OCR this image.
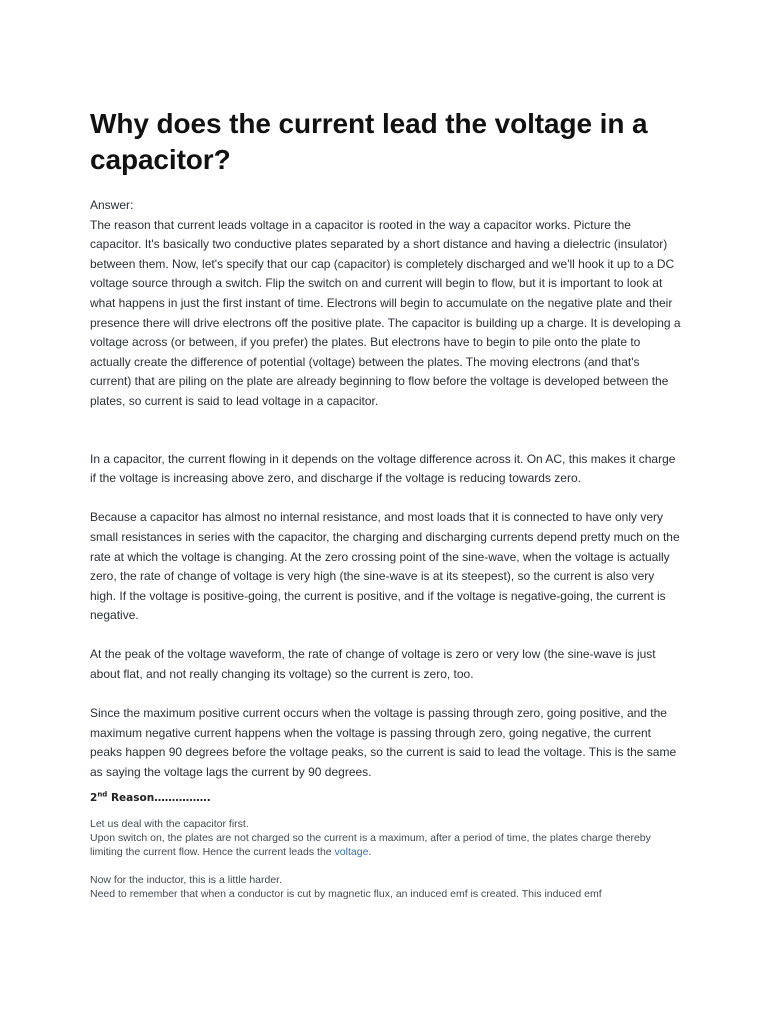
Why does the current lead the voltage in a capacitor?
Answer:

The reason that current leads voltage in a capacitor is rooted in the way a capacitor works. Picture the capacitor. It's basically two conductive plates separated by a short distance and having a dielectric (insulator) between them. Now, let's specify that our cap (capacitor) is completely discharged and we'll hook it up to a DC voltage source through a switch. Flip the switch on and current will begin to flow, but it is important to look at what happens in just the first instant of time. Electrons will begin to accumulate on the negative plate and their presence there will drive electrons off the positive plate. The capacitor is building up a charge. It is developing a voltage across (or between, if you prefer) the plates. But electrons have to begin to pile onto the plate to actually create the difference of potential (voltage) between the plates. The moving electrons (and that's current) that are piling on the plate are already beginning to flow before the voltage is developed between the plates, so current is said to lead voltage in a capacitor.

In a capacitor, the current flowing in it depends on the voltage difference across it. On AC, this makes it charge if the voltage is increasing above zero, and discharge if the voltage is reducing towards zero.

Because a capacitor has almost no internal resistance, and most loads that it is connected to have only very small resistances in series with the capacitor, the charging and discharging currents depend pretty much on the rate at which the voltage is changing. At the zero crossing point of the sine-wave, when the voltage is actually zero, the rate of change of voltage is very high (the sine-wave is at its steepest), so the current is also very high. If the voltage is positive-going, the current is positive, and if the voltage is negative-going, the current is negative.

At the peak of the voltage waveform, the rate of change of voltage is zero or very low (the sine-wave is just about flat, and not really changing its voltage) so the current is zero, too.

Since the maximum positive current occurs when the voltage is passing through zero, going positive, and the maximum negative current happens when the voltage is passing through zero, going negative, the current peaks happen 90 degrees before the voltage peaks, so the current is said to lead the voltage. This is the same as saying the voltage lags the current by 90 degrees.

2nd Reason…………….

Let us deal with the capacitor first.

Upon switch on, the plates are not charged so the current is a maximum, after a period of time, the plates charge thereby limiting the current flow. Hence the current leads the voltage.

Now for the inductor, this is a little harder.

Need to remember that when a conductor is cut by magnetic flux, an induced emf is created. This induced emf
